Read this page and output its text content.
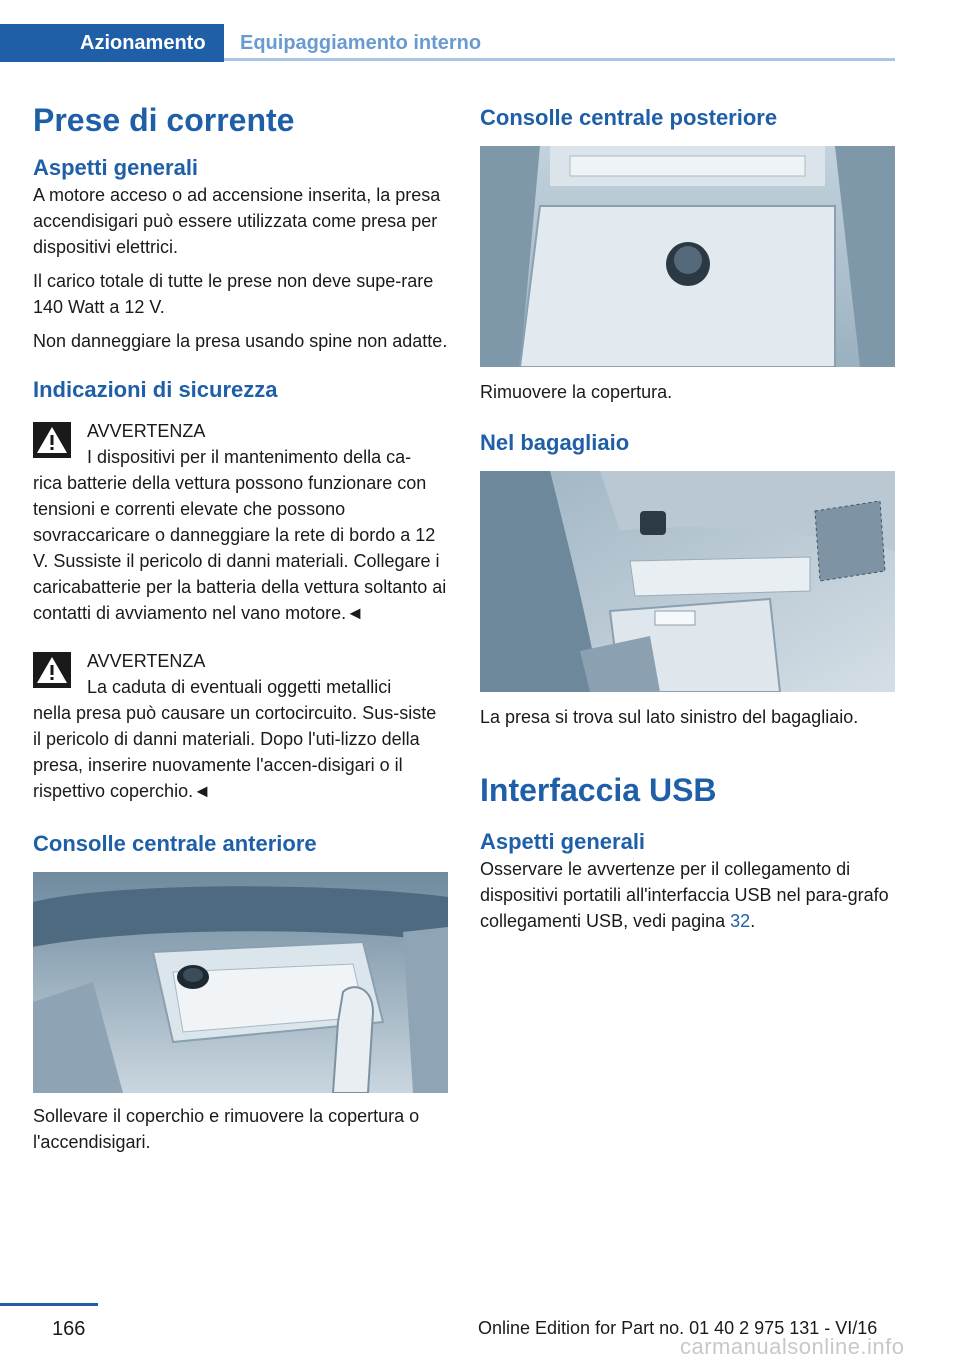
Azionamento	Equipaggiamento interno
Prese di corrente
Aspetti generali

A motore acceso o ad accensione inserita, la presa accendisigari può essere utilizzata come presa per dispositivi elettrici.

Il carico totale di tutte le prese non deve supe-rare 140 Watt a 12 V.

Non danneggiare la presa usando spine non adatte.

Indicazioni di sicurezza

AVVERTENZA

I dispositivi per il mantenimento della ca-

rica batterie della vettura possono funzionare con tensioni e correnti elevate che possono sovraccaricare o danneggiare la rete di bordo a 12 V. Sussiste il pericolo di danni materiali. Collegare i caricabatterie per la batteria della vettura soltanto ai contatti di avviamento nel vano motore.◄

AVVERTENZA

La caduta di eventuali oggetti metallici

nella presa può causare un cortocircuito. Sus-siste il pericolo di danni materiali. Dopo l'uti-lizzo della presa, inserire nuovamente l'accen-disigari o il rispettivo coperchio.◄

Consolle centrale anteriore

Sollevare il coperchio e rimuovere la copertura o l'accendisigari.

Consolle centrale posteriore

Rimuovere la copertura.

Nel bagagliaio

La presa si trova sul lato sinistro del bagagliaio.

Interfaccia USB
Aspetti generali

Osservare le avvertenze per il collegamento di dispositivi portatili all'interfaccia USB nel para-grafo collegamenti USB, vedi pagina 32.

166	Online Edition for Part no. 01 40 2 975 131 - VI/16
carmanualsonline.info
